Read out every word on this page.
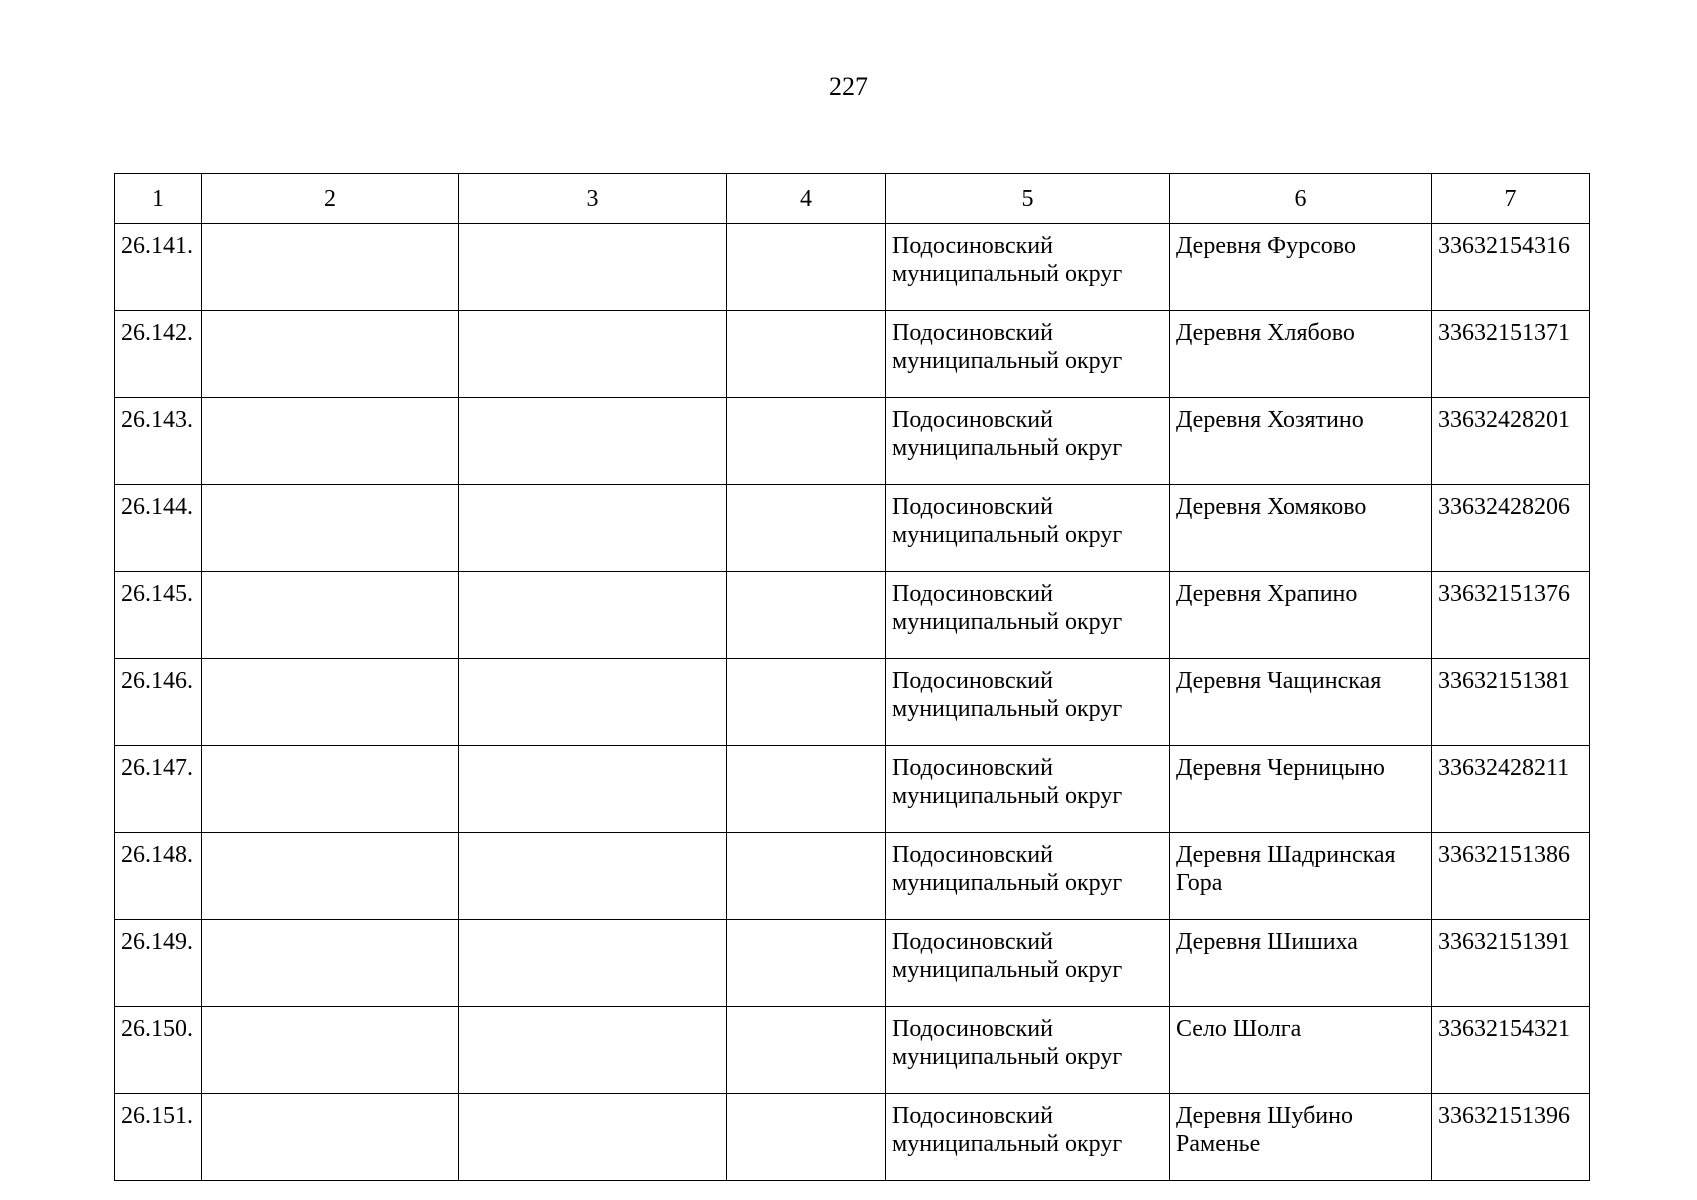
227
1	2	3	4	5	6	7
26.141.				Подосиновский муниципальный округ	Деревня Фурсово	33632154316
26.142.				Подосиновский муниципальный округ	Деревня Хлябово	33632151371
26.143.				Подосиновский муниципальный округ	Деревня Хозятино	33632428201
26.144.				Подосиновский муниципальный округ	Деревня Хомяково	33632428206
26.145.				Подосиновский муниципальный округ	Деревня Храпино	33632151376
26.146.				Подосиновский муниципальный округ	Деревня Чащинская	33632151381
26.147.				Подосиновский муниципальный округ	Деревня Черницыно	33632428211
26.148.				Подосиновский муниципальный округ	Деревня Шадринская Гора	33632151386
26.149.				Подосиновский муниципальный округ	Деревня Шишиха	33632151391
26.150.				Подосиновский муниципальный округ	Село Шолга	33632154321
26.151.				Подосиновский муниципальный округ	Деревня Шубино Раменье	33632151396
